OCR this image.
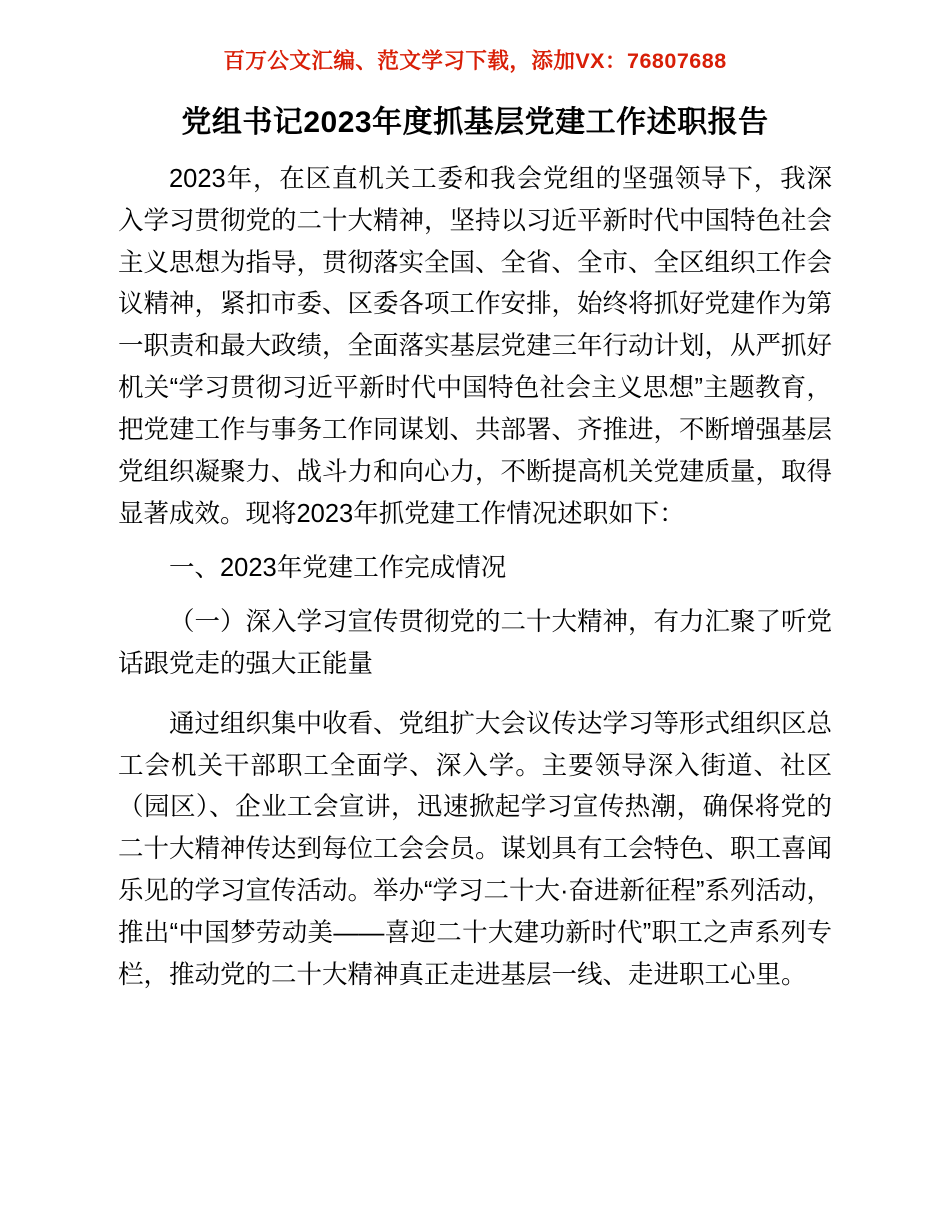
百万公文汇编、范文学习下载，添加VX：76807688
党组书记2023年度抓基层党建工作述职报告

2023年，在区直机关工委和我会党组的坚强领导下，我深入学习贯彻党的二十大精神，坚持以习近平新时代中国特色社会主义思想为指导，贯彻落实全国、全省、全市、全区组织工作会议精神，紧扣市委、区委各项工作安排，始终将抓好党建作为第一职责和最大政绩，全面落实基层党建三年行动计划，从严抓好机关“学习贯彻习近平新时代中国特色社会主义思想”主题教育，把党建工作与事务工作同谋划、共部署、齐推进，不断增强基层党组织凝聚力、战斗力和向心力，不断提高机关党建质量，取得显著成效。现将2023年抓党建工作情况述职如下：

一、2023年党建工作完成情况

（一）深入学习宣传贯彻党的二十大精神，有力汇聚了听党话跟党走的强大正能量

通过组织集中收看、党组扩大会议传达学习等形式组织区总工会机关干部职工全面学、深入学。主要领导深入街道、社区（园区）、企业工会宣讲，迅速掀起学习宣传热潮，确保将党的二十大精神传达到每位工会会员。谋划具有工会特色、职工喜闻乐见的学习宣传活动。举办“学习二十大·奋进新征程”系列活动，推出“中国梦劳动美——喜迎二十大建功新时代”职工之声系列专栏，推动党的二十大精神真正走进基层一线、走进职工心里。
